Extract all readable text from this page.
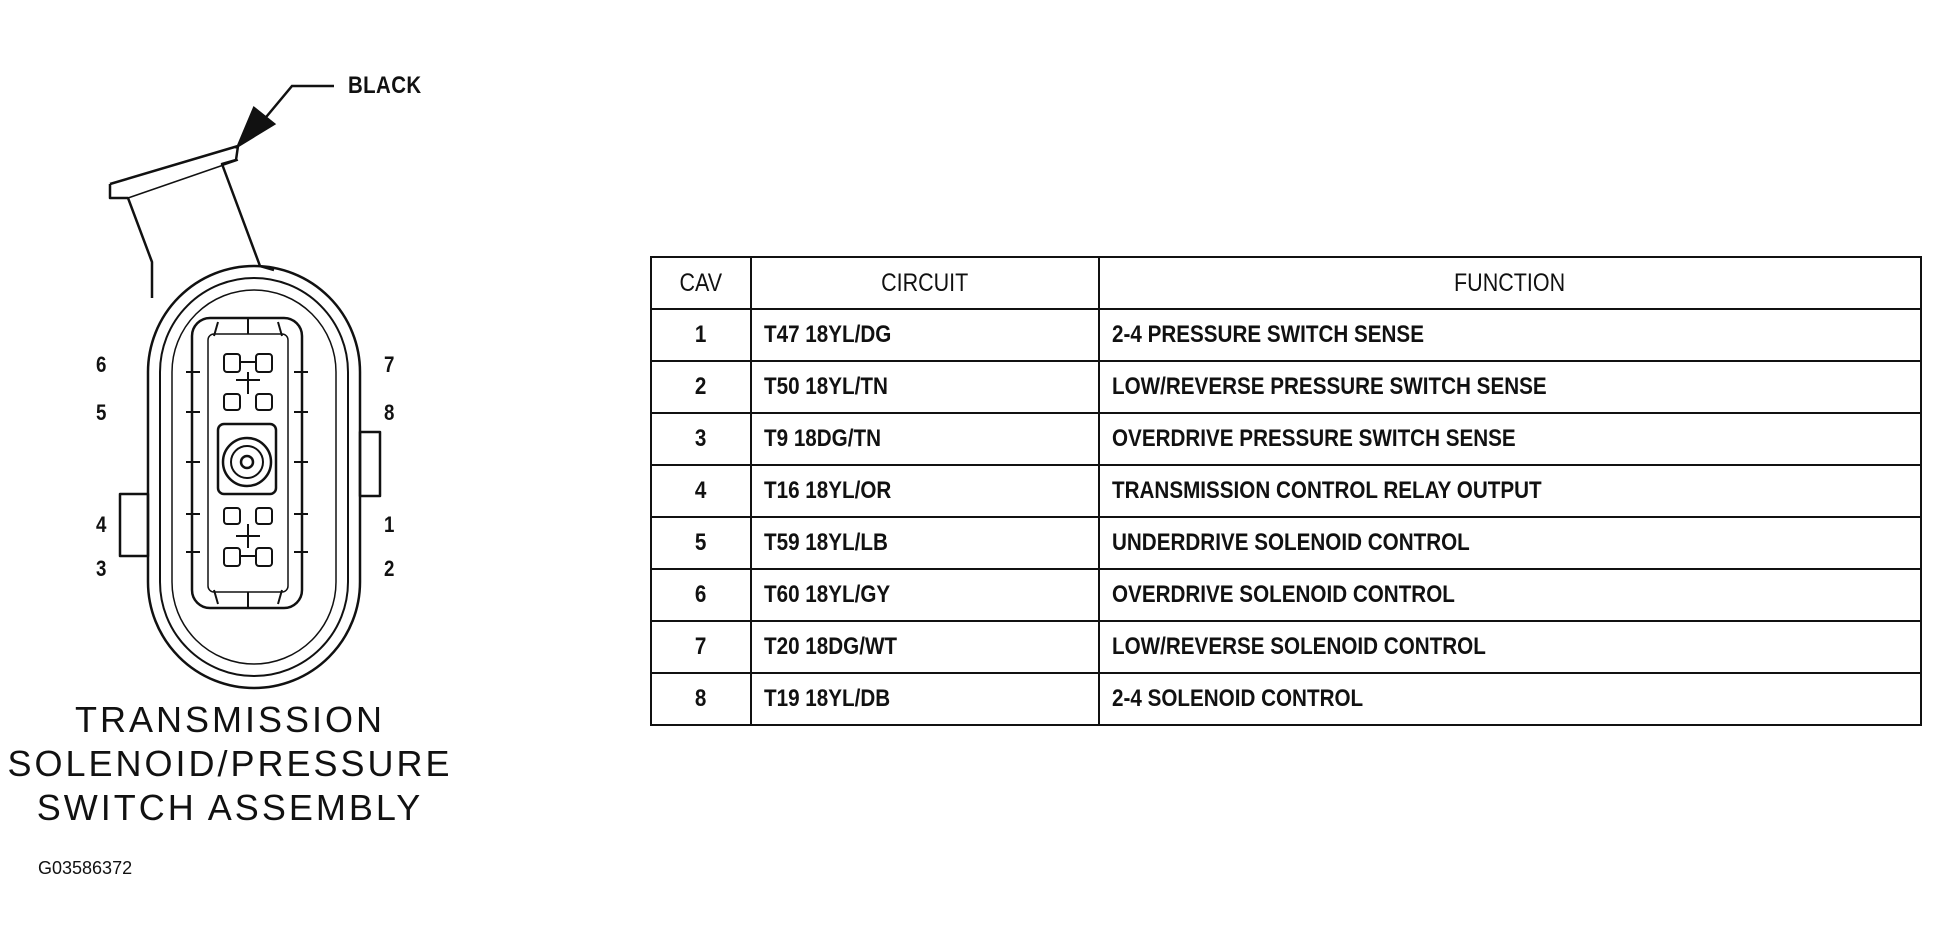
BLACK
6
5
4
3
7
8
1
2
TRANSMISSION
SOLENOID/PRESSURE
SWITCH ASSEMBLY
G03586372
CAV	CIRCUIT	FUNCTION
1	T47 18YL/DG	2-4 PRESSURE SWITCH SENSE
2	T50 18YL/TN	LOW/REVERSE PRESSURE SWITCH SENSE
3	T9 18DG/TN	OVERDRIVE PRESSURE SWITCH SENSE
4	T16 18YL/OR	TRANSMISSION CONTROL RELAY OUTPUT
5	T59 18YL/LB	UNDERDRIVE SOLENOID CONTROL
6	T60 18YL/GY	OVERDRIVE SOLENOID CONTROL
7	T20 18DG/WT	LOW/REVERSE SOLENOID CONTROL
8	T19 18YL/DB	2-4 SOLENOID CONTROL
